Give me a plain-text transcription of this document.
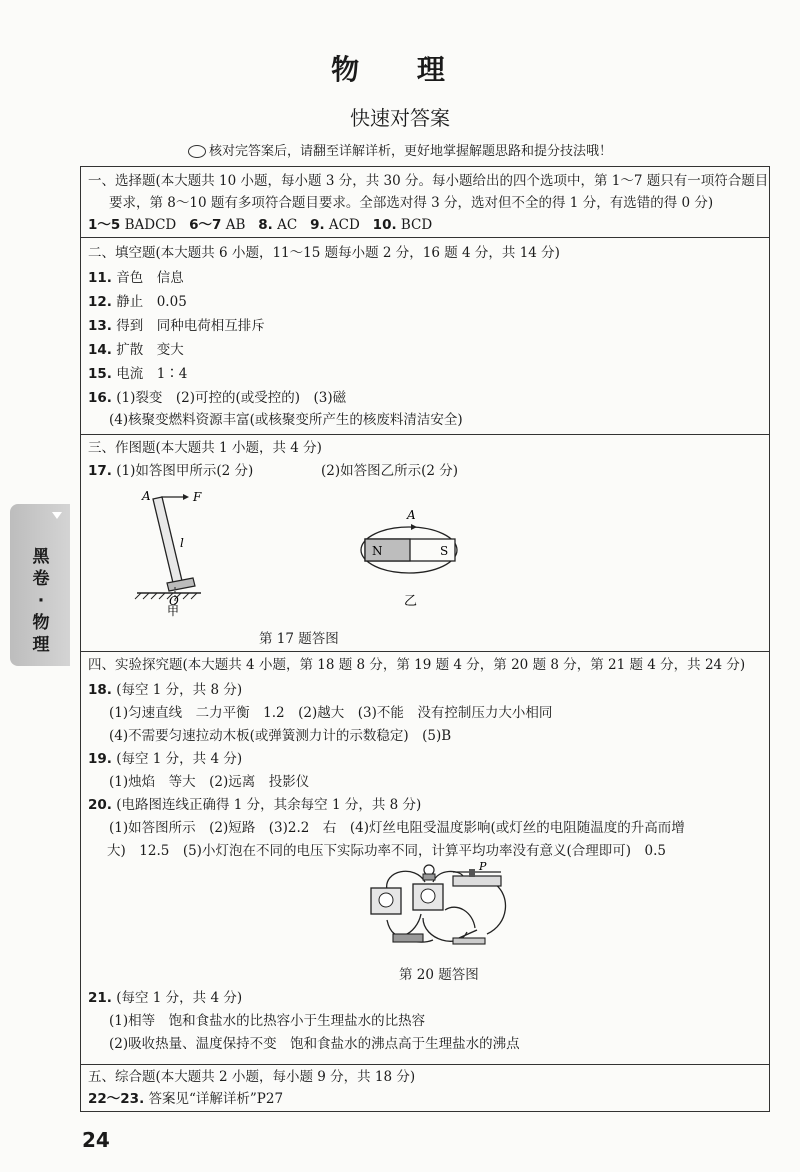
物 理
快速对答案
核对完答案后，请翻至详解详析，更好地掌握解题思路和提分技法哦！
黑卷·物理
一、选择题(本大题共 10 小题，每小题 3 分，共 30 分。每小题给出的四个选项中，第 1～7 题只有一项符合题目
要求，第 8～10 题有多项符合题目要求。全部选对得 3 分，选对但不全的得 1 分，有选错的得 0 分)
1～5 BADCD 6～7 AB 8. AC 9. ACD 10. BCD
二、填空题(本大题共 6 小题，11～15 题每小题 2 分，16 题 4 分，共 14 分)
11. 音色　信息
12. 静止　0.05
13. 得到　同种电荷相互排斥
14. 扩散　变大
15. 电流　1∶4
16. (1)裂变　(2)可控的(或受控的)　(3)磁
(4)核聚变燃料资源丰富(或核聚变所产生的核废料清洁安全)
三、作图题(本大题共 1 小题，共 4 分)
17. (1)如答图甲所示(2 分)	(2)如答图乙所示(2 分)
A	F
l
O
甲
A
N	S
乙
第 17 题答图
四、实验探究题(本大题共 4 小题，第 18 题 8 分，第 19 题 4 分，第 20 题 8 分，第 21 题 4 分，共 24 分)
18. (每空 1 分，共 8 分)
(1)匀速直线　二力平衡　1.2　(2)越大　(3)不能　没有控制压力大小相同
(4)不需要匀速拉动木板(或弹簧测力计的示数稳定)　(5)B
19. (每空 1 分，共 4 分)
(1)烛焰　等大　(2)远离　投影仪
20. (电路图连线正确得 1 分，其余每空 1 分，共 8 分)
(1)如答图所示　(2)短路　(3)2.2　右　(4)灯丝电阻受温度影响(或灯丝的电阻随温度的升高而增
大)　12.5　(5)小灯泡在不同的电压下实际功率不同，计算平均功率没有意义(合理即可)　0.5
P
第 20 题答图
21. (每空 1 分，共 4 分)
(1)相等　饱和食盐水的比热容小于生理盐水的比热容
(2)吸收热量、温度保持不变　饱和食盐水的沸点高于生理盐水的沸点
五、综合题(本大题共 2 小题，每小题 9 分，共 18 分)
22～23. 答案见“详解详析”P27
24
